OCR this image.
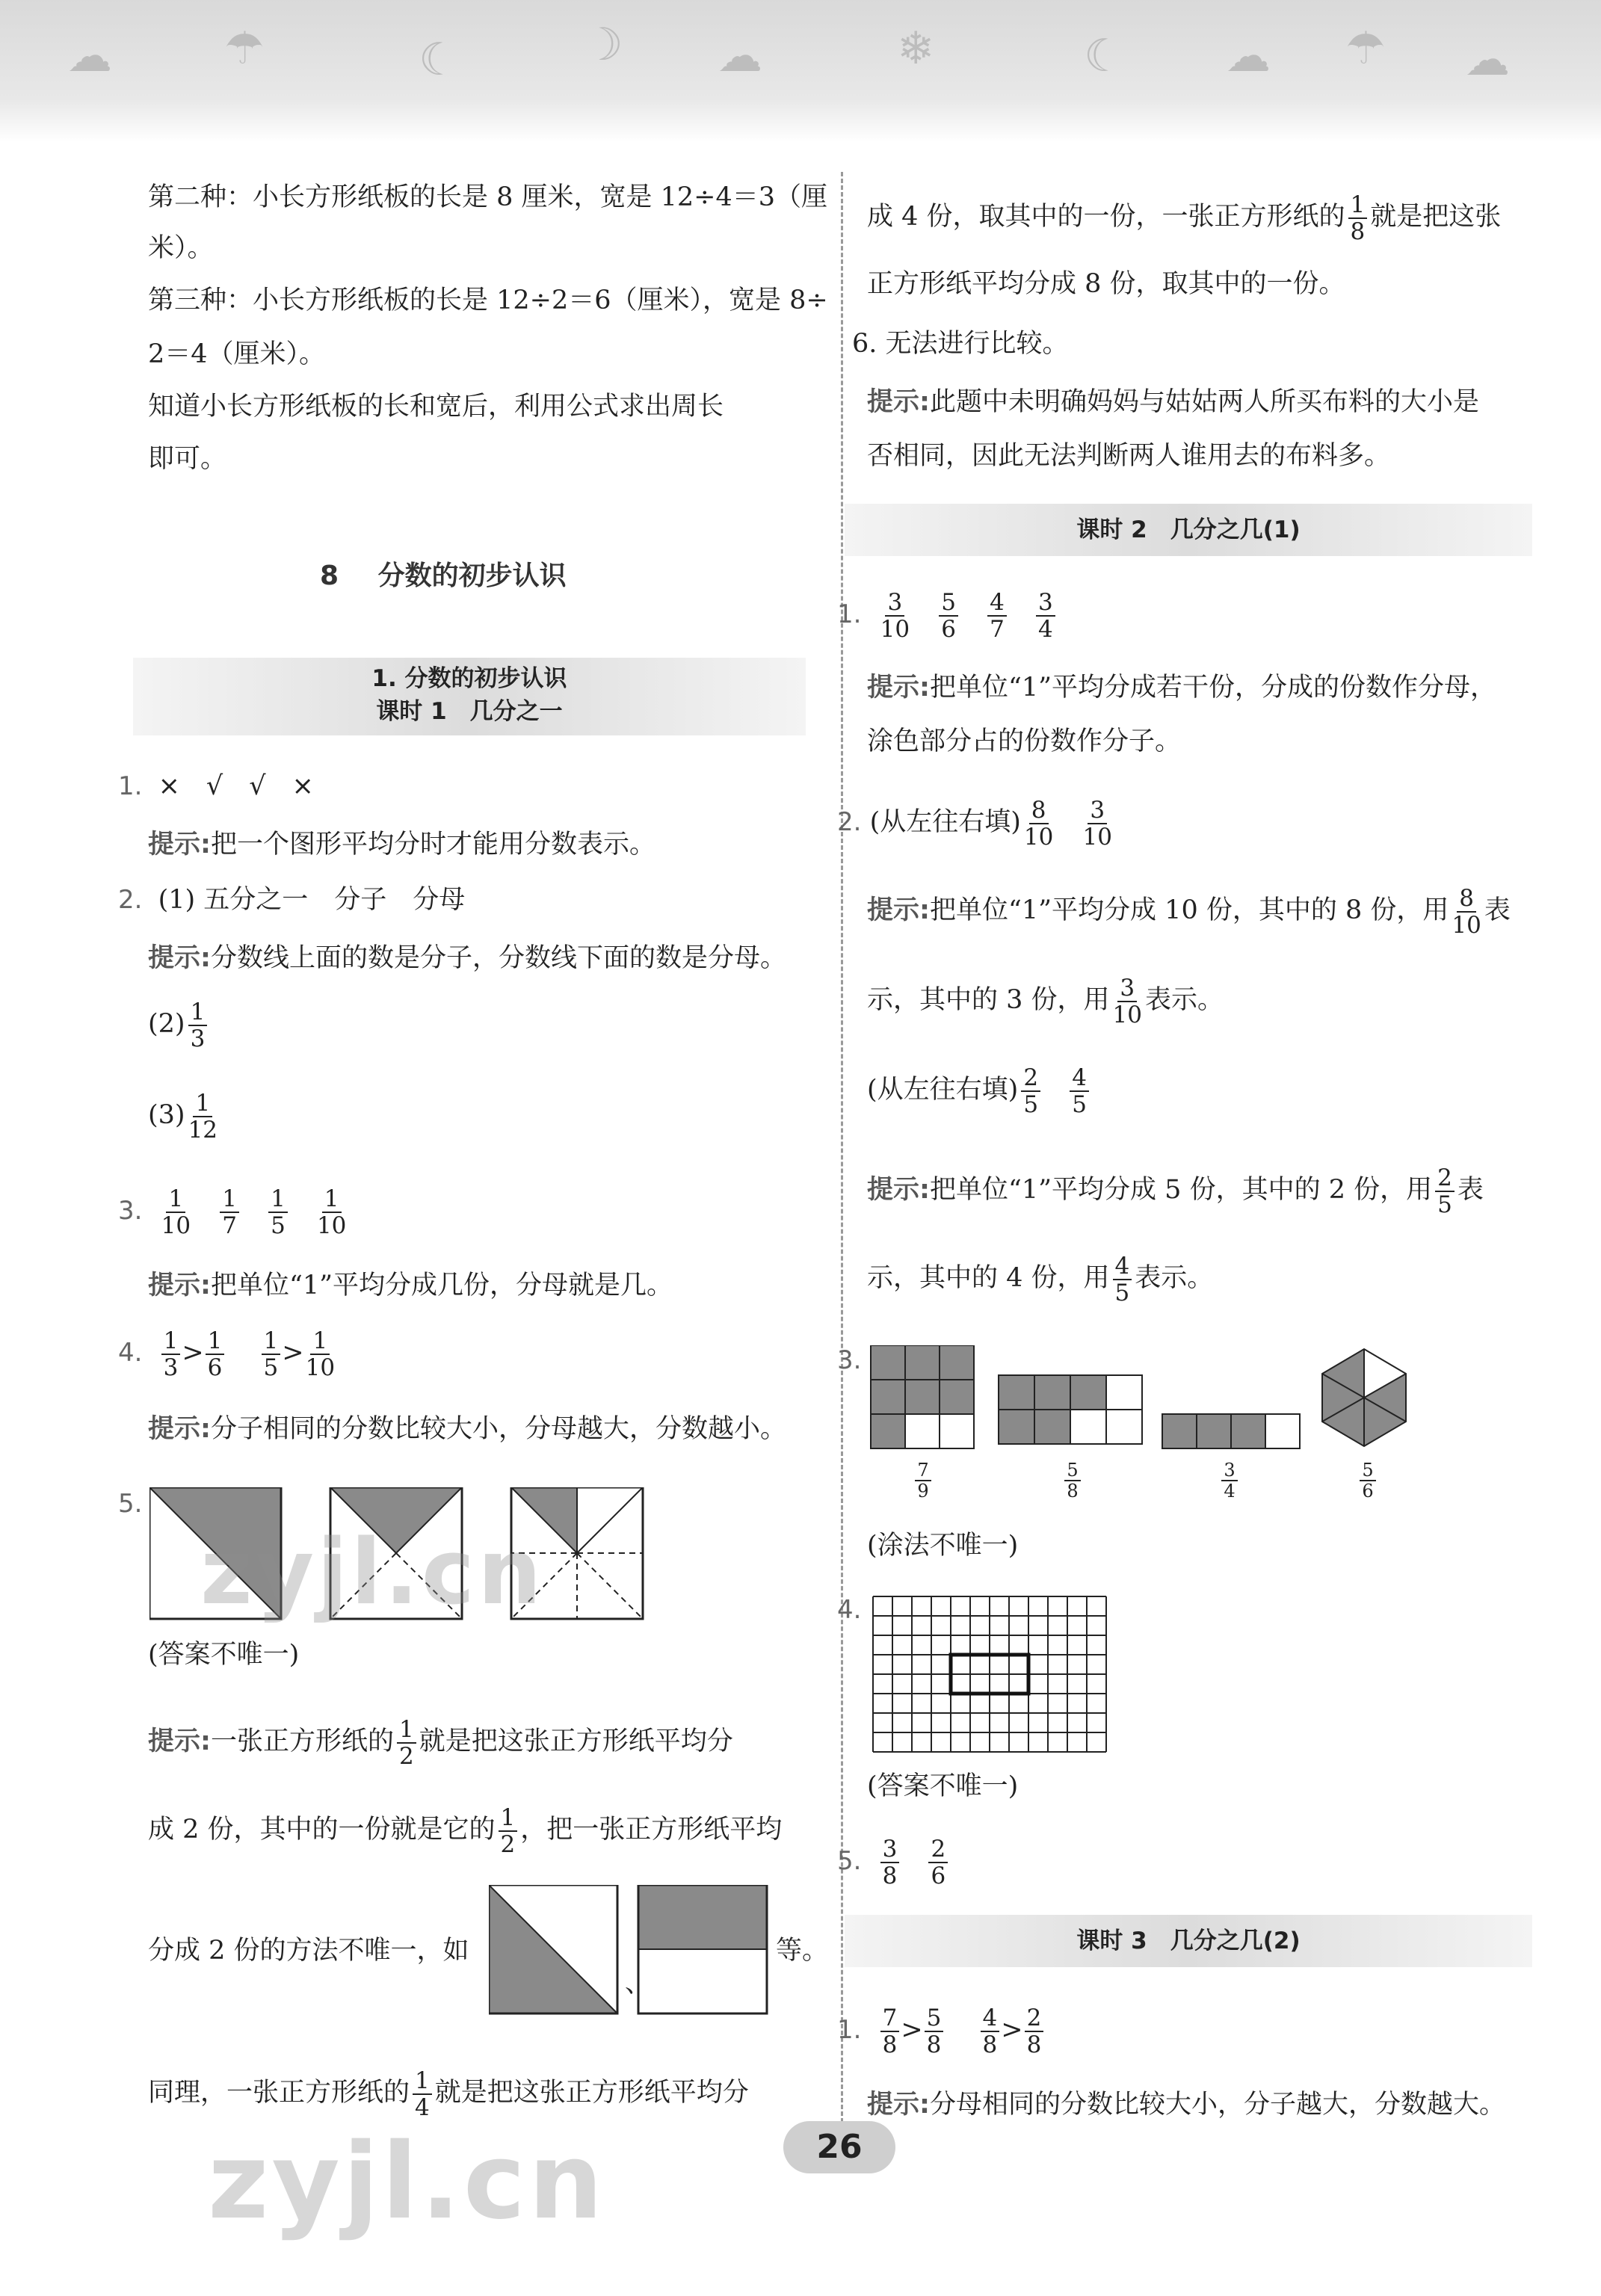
☁	☂	☾	☽ ☁	❄	☾ ☁ ☂ ☁
第二种：小长方形纸板的长是 8 厘米，宽是 12÷4＝3（厘
米）。
第三种：小长方形纸板的长是 12÷2＝6（厘米），宽是 8÷
2＝4（厘米）。
知道小长方形纸板的长和宽后，利用公式求出周长
即可。
8 分数的初步认识
1. 分数的初步认识
课时 1　几分之一
1. ×　√　√　×
提示:把一个图形平均分时才能用分数表示。
2. (1) 五分之一　分子　分母
提示:分数线上面的数是分子，分数线下面的数是分母。
$(2) \frac{1}{3}$
$(3) \frac{1}{12}$
3. $\frac{1}{10}$
$\frac{1}{7}$
$\frac{1}{5}$
$\frac{1}{10}$
提示:把单位“1”平均分成几份，分母就是几。
4. $\frac{1}{3} > \frac{1}{6}$
$\frac{1}{5} > \frac{1}{10}$
提示:分子相同的分数比较大小，分母越大，分数越小。
5.
(答案不唯一)
提示:一张正方形纸的 $\frac{1}{2}$ 就是把这张正方形纸平均分
成 2 份，其中的一份就是它的 $\frac{1}{2}$ ，把一张正方形纸平均
分成 2 份的方法不唯一，如
、
等。
同理，一张正方形纸的 $\frac{1}{4}$ 就是把这张正方形纸平均分
成 4 份，取其中的一份，一张正方形纸的 $\frac{1}{8}$ 就是把这张
正方形纸平均分成 8 份，取其中的一份。
6. 无法进行比较。
提示:此题中未明确妈妈与姑姑两人所买布料的大小是
否相同，因此无法判断两人谁用去的布料多。
课时 2　几分之几(1)
1. $\frac{3}{10}$
$\frac{5}{6}$
$\frac{4}{7}$
$\frac{3}{4}$
提示:把单位“1”平均分成若干份，分成的份数作分母，
涂色部分占的份数作分子。
2. (从左往右填) $\frac{8}{10}$
$\frac{3}{10}$
提示:把单位“1”平均分成 10 份，其中的 8 份，用 $\frac{8}{10}$ 表
示，其中的 3 份，用 $\frac{3}{10}$ 表示。
(从左往右填) $\frac{2}{5}$
$\frac{4}{5}$
提示:把单位“1”平均分成 5 份，其中的 2 份，用 $\frac{2}{5}$ 表
示，其中的 4 份，用 $\frac{4}{5}$ 表示。
3.
$\frac{7}{9}$	$\frac{5}{8}$	$\frac{3}{4}$	$\frac{5}{6}$
(涂法不唯一)
4.
(答案不唯一)
5. $\frac{3}{8}$
$\frac{2}{6}$
课时 3　几分之几(2)
1. $\frac{7}{8} > \frac{5}{8}$
$\frac{4}{8} > \frac{2}{8}$
提示:分母相同的分数比较大小，分子越大，分数越大。
26
zyjl.cn
zyjl.cn
